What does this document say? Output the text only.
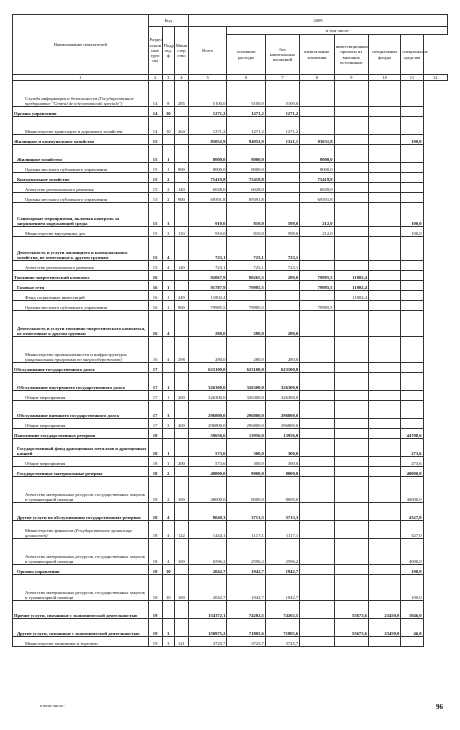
Наименование показателей	Код			2009							
	Раздел основ ные груп пы	Подр азд. ф	Мини стер ство	Всего	в том числе						
					основные расходы	без капитальных вложений	капитальные вложения	инвестиционные проекты из внешних источников	специальные фонды	специальные средства
1	2	3	4	5	6	7	8	9	10	11	12
Служба информации и безопасности (Государственное предприятие "Central de telecomunicatii speciale")	14	8	285	5100,0	5100,0	5100,0					
Органы управления	14	10		1271,2	1271,2	1271,2					
Министерство транспорта и дорожного хозяйства	14	10	264	1271,2	1271,2	1271,2					
Жилищное и коммунальное хозяйство	15			85052,9	84952,9	1321,1	83631,8			100,0	
Жилищное хозяйство	15	1		8000,0	8000,0		8000,0				
Органы местного публичного управления	15	1	900	8000,0	8000,0		8000,0				
Коммунальное хозяйство	15	2		75419,8	75419,8		75419,8				
Агентство регионального развития	15	2	140	6028,0	6028,0		6028,0				
Органы местного публичного управления	15	2	900	69391,8	69391,8		69391,8				
Санитарные мероприятия, включая контроль за загрязнением окружающей среды	15	3		910,0	810,0	598,0	212,0			100,0	
Министерство внутренних дел	15	3	133	910,0	810,0	598,0	212,0			100,0	
Деятельность и услуги жилищного и коммунального хозяйства, не отнесенные к другим группам	15	4		723,1	723,1	723,1					
Агентство регионального развития	15	4	140	723,1	723,1	723,1					
Топливно-энергетический комплекс	16			92067,9	80265,5	280,0	79985,5	11802,4			
Газовые сети	16	1		91787,9	79985,5		79985,5	11802,4			
Фонд социальных инвестиций	16	1	249	11802,4				11802,4			
Органы местного публичного управления	16	1	900	79985,5	79985,5		79985,5				
Деятельность и услуги топливно-энергетического комплекса, не отнесенные к другим группам	16	4		280,0	280,0	280,0					
Министерство промышленности и инфраструктуры (национальная программа по энергосбережению)	16	4	298	280,0	280,0	280,0					
Обслуживание государственного долга	17			623100,0	623100,0	623100,0					
Обслуживание внутреннего государственного долга	17	1		326300,0	326300,0	326300,0					
Общие мероприятия	17	1	200	326300,0	326300,0	326300,0					
Обслуживание внешнего государственного долга	17	3		296800,0	296800,0	296800,0					
Общие мероприятия	17	3	200	296800,0	296800,0	296800,0					
Пополнение государственных резервов	18			58656,6	13956,0	13956,0				44700,6	
Государственный фонд драгоценных металлов и драгоценных камней	18	1		573,6	300,0	300,0				273,6	
Общие мероприятия	18	1	200	573,6	300,0	300,0				273,6	
Государственные материальные резервы	18	2		48000,0	8000,0	8000,0				40000,0	
Агентство материальных ресурсов, государственных закупок и гуманитарной помощи	18	2	169	48000,0	8000,0	8000,0				40000,0	
Другие услуги по обслуживанию государственных резервов	18	4		8040,3	3713,3	3713,3				4327,0	
Министерство финансов (Государственное хранилище ценностей)	18	4	122	1444,1	1117,1	1117,1				327,0	
Агентство материальных ресурсов, государственных закупок и гуманитарной помощи	18	4	169	6596,2	2596,2	2596,2				4000,0	
Органы управления	18	10		2042,7	1942,7	1942,7				100,0	
Агентство материальных ресурсов, государственных закупок и гуманитарной помощи	18	10	169	2042,7	1942,7	1942,7				100,0	
Прочие услуги, связанные с экономической деятельностью	19			154372,1	74202,5	74202,5		55673,6	23450,0	1046,0	
Другие услуги, связанные с экономической деятельностью	19	3		150975,2	71805,6	71805,6		55673,6	23450,0	46,0	
Министерство экономики и торговли	19	3	121	3725,7	3725,7	3725,7					
в том числе:	96
